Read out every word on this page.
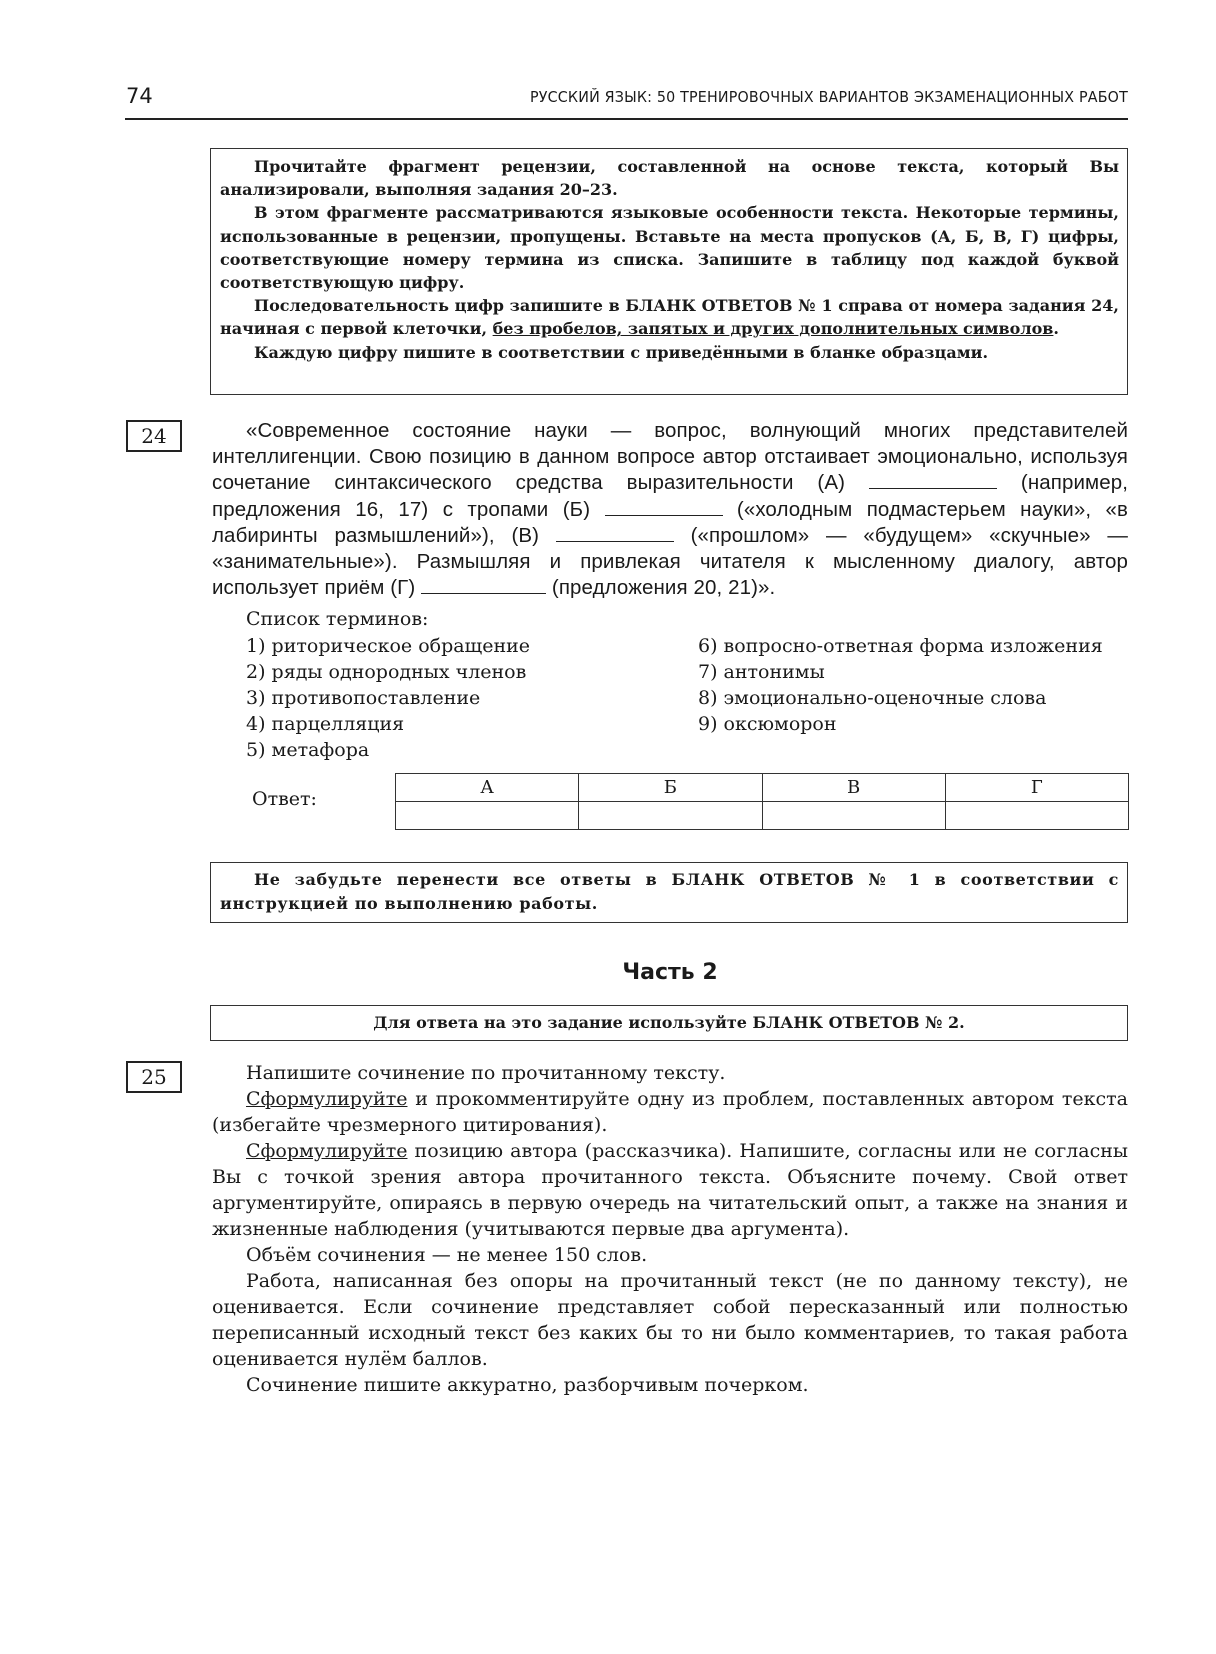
74	РУССКИЙ ЯЗЫК: 50 ТРЕНИРОВОЧНЫХ ВАРИАНТОВ ЭКЗАМЕНАЦИОННЫХ РАБОТ

Прочитайте фрагмент рецензии, составленной на основе текста, который Вы анализировали, выполняя задания 20–23.

В этом фрагменте рассматриваются языковые особенности текста. Некоторые термины, использованные в рецензии, пропущены. Вставьте на места пропусков (А, Б, В, Г) цифры, соответствующие номеру термина из списка. Запишите в таблицу под каждой буквой соответствующую цифру.

Последовательность цифр запишите в БЛАНК ОТВЕТОВ № 1 справа от номера задания 24, начиная с первой клеточки, без пробелов, запятых и других дополнительных символов.

Каждую цифру пишите в соответствии с приведёнными в бланке образцами.

24	«Современное состояние науки — вопрос, волнующий многих представителей интеллигенции. Свою позицию в данном вопросе автор отстаивает эмоционально, используя сочетание синтаксического средства выразительности (А)	(например, предложения 16, 17) с тропами (Б)	(«холодным подмастерьем науки», «в лабиринты размышлений»), (В)	(«прошлом» — «будущем» «скучные» — «занимательные»). Размышляя и привлекая читателя к мысленному диалогу, автор использует приём (Г)	(предложения 20, 21)».
Список терминов:
1) риторическое обращение
2) ряды однородных членов
3) противопоставление
4) парцелляция
5) метафора
6) вопросно-ответная форма изложения
7) антонимы
8) эмоционально-оценочные слова
9) оксюморон
Ответ:
А	Б	В	Г

Не забудьте перенести все ответы в БЛАНК ОТВЕТОВ № 1 в соответствии с инструкцией по выполнению работы.
Часть 2
Для ответа на это задание используйте БЛАНК ОТВЕТОВ № 2.
25	Напишите сочинение по прочитанному тексту.

Сформулируйте и прокомментируйте одну из проблем, поставленных автором текста (избегайте чрезмерного цитирования).

Сформулируйте позицию автора (рассказчика). Напишите, согласны или не согласны Вы с точкой зрения автора прочитанного текста. Объясните почему. Свой ответ аргументируйте, опираясь в первую очередь на читательский опыт, а также на знания и жизненные наблюдения (учитываются первые два аргумента).

Объём сочинения — не менее 150 слов.

Работа, написанная без опоры на прочитанный текст (не по данному тексту), не оценивается. Если сочинение представляет собой пересказанный или полностью переписанный исходный текст без каких бы то ни было комментариев, то такая работа оценивается нулём баллов.

Сочинение пишите аккуратно, разборчивым почерком.
